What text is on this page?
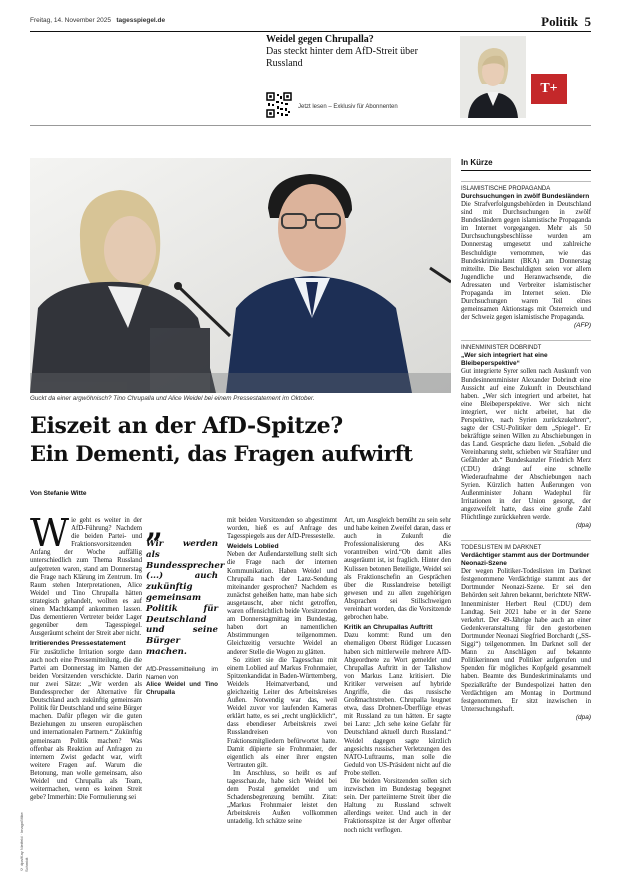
Freitag, 14. November 2025 tagesspiegel.de	Politik 5
Weidel gegen Chrupalla?
Das steckt hinter dem AfD-Streit über Russland
Jetzt lesen – Exklusiv für Abonnenten
T+
Guckt da einer argwöhnisch? Tino Chrupalla und Alice Weidel bei einem Pressestatement im Oktober.
Eiszeit an der AfD-Spitze?
Ein Dementi, das Fragen aufwirft
Von Stefanie Witte

W ie geht es weiter in der AfD-Führung? Nachdem die beiden Partei- und Fraktionsvorsitzenden Anfang der Woche auffällig unterschiedlich zum Thema Russland aufgetreten waren, stand am Donnerstag die Frage nach Klärung im Zentrum. Im Raum stehen Interpretationen, Alice Weidel und Tino Chrupalla hätten strategisch gehandelt, wollten es auf einen Machtkampf ankommen lassen. Das dementieren Vertreter beider Lager gegenüber dem Tagesspiegel. Ausgeräumt scheint der Streit aber nicht.

Irritierendes Pressestatement

Für zusätzliche Irritation sorgte dann auch noch eine Pressemitteilung, die die Partei am Donnerstag im Namen der beiden Vorsitzenden verschickte. Darin nur zwei Sätze: „Wir werden als Bundessprecher der Alternative für Deutschland auch zukünftig gemeinsam Politik für Deutschland und seine Bürger machen. Dafür pflegen wir die guten Beziehungen zu unseren europäischen und internationalen Partnern.“ Zukünftig gemeinsam Politik machen? Was offenbar als Reaktion auf Anfragen zu internem Zwist gedacht war, wirft weitere Fragen auf. Warum die Betonung, man wolle gemeinsam, also Weidel und Chrupalla als Team, weitermachen, wenn es keinen Streit gebe? Immerhin: Die Formulierung sei

„
Wir werden als Bundessprecher (...) auch zukünftig gemeinsam Politik für Deutschland und seine Bürger machen.
AfD-Pressemitteilung im Namen von
Alice Weidel und Tino Chrupalla

mit beiden Vorsitzenden so abgestimmt worden, hieß es auf Anfrage des Tagesspiegels aus der AfD-Pressestelle.

Weidels Loblied

Neben der Außendarstellung stellt sich die Frage nach der internen Kommunikation. Haben Weidel und Chrupalla nach der Lanz-Sendung miteinander gesprochen? Nachdem es zunächst geheißen hatte, man habe sich ausgetauscht, aber nicht getroffen, waren offensichtlich beide Vorsitzenden am Donnerstagmittag im Bundestag, haben dort an namentlichen Abstimmungen teilgenommen. Gleichzeitig versuchte Weidel an anderer Stelle die Wogen zu glätten.

So zitiert sie die Tagesschau mit einem Loblied auf Markus Frohnmaier, Spitzenkandidat in Baden-Württemberg, Weidels Heimatverband, und gleichzeitig Leiter des Arbeitskreises Außen. Notwendig war das, weil Weidel zuvor vor laufenden Kameras erklärt hatte, es sei „recht unglücklich“, dass ebendieser Arbeitskreis zwei Russlandreisen von Fraktionsmitgliedern befürwortet hatte. Damit düpierte sie Frohnmaier, der eigentlich als einer ihrer engsten Vertrauten gilt.

Im Anschluss, so heißt es auf tagesschau.de, habe sich Weidel bei dem Postal gemeldet und um Schadensbegrenzung bemüht. Zitat: „Markus Frohnmaier leistet den Arbeitskreis Außen vollkommen untadelig. Ich schätze seine

Art, um Ausgleich bemüht zu sein sehr und habe keinen Zweifel daran, dass er auch in Zukunft die Professionalisierung des AKs vorantreiben wird.“Ob damit alles ausgeräumt ist, ist fraglich. Hinter den Kulissen betonen Beteiligte, Weidel sei als Fraktionschefin an Gesprächen über die Russlandreise beteiligt gewesen und zu allen zugehörigen Absprachen sei Stillschweigen vereinbart worden, das die Vorsitzende gebrochen habe.

Kritik an Chrupallas Auftritt

Dazu kommt: Rund um den ehemaligen Oberst Rüdiger Lucassen haben sich mittlerweile mehrere AfD-Abgeordnete zu Wort gemeldet und Chrupallas Auftritt in der Talkshow von Markus Lanz kritisiert. Die Kritiker verweisen auf hybride Angriffe, die das russische Großmachtstreben. Chrupalla leugnet etwa, dass Drohnen-Überflüge etwas mit Russland zu tun hätten. Er sagte bei Lanz: „Ich sehe keine Gefahr für Deutschland aktuell durch Russland.“ Weidel dagegen sagte kürzlich angesichts russischer Verletzungen des NATO-Luftraums, man solle die Geduld von US-Präsident nicht auf die Probe stellen.

Die beiden Vorsitzenden sollen sich inzwischen im Bundestag begegnet sein. Der parteiinterne Streit über die Haltung zu Russland schwelt allerdings weiter. Und auch in der Fraktionsspitze ist der Ärger offenbar noch nicht verflogen.

© dpa/Kay Nietfeld · Imago/Mike Schmidt
In Kürze
ISLAMISTISCHE PROPAGANDA
Durchsuchungen in zwölf Bundesländern
Die Strafverfolgungsbehörden in Deutschland sind mit Durchsuchungen in zwölf Bundesländern gegen islamistische Propaganda im Internet vorgegangen. Mehr als 50 Durchsuchungsbeschlüsse wurden am Donnerstag umgesetzt und zahlreiche Beschuldigte vernommen, wie das Bundeskriminalamt (BKA) am Donnerstag mitteilte. Die Beschuldigten seien vor allem Jugendliche und Heranwachsende, die Adressaten und Verbreiter islamistischer Propaganda im Internet seien. Die Durchsuchungen waren Teil eines gemeinsamen Aktionstags mit Österreich und der Schweiz gegen islamistische Propaganda.
(AFP)
INNENMINISTER DOBRINDT
„Wer sich integriert hat eine Bleibeperspektive“
Gut integrierte Syrer sollen nach Auskunft von Bundesinnenminister Alexander Dobrindt eine Aussicht auf eine Zukunft in Deutschland haben. „Wer sich integriert und arbeitet, hat eine Bleibeperspektive. Wer sich nicht integriert, wer nicht arbeitet, hat die Perspektive, nach Syrien zurückzukehren“, sagte der CSU-Politiker dem „Spiegel“. Er bekräftigte seinen Willen zu Abschiebungen in das Land. Gespräche dazu liefen. „Sobald die Vereinbarung steht, schieben wir Straftäter und Gefährder ab.“ Bundeskanzler Friedrich Merz (CDU) drängt auf eine schnelle Wiederaufnahme der Abschiebungen nach Syrien. Kürzlich hatten Äußerungen von Außenminister Johann Wadephul für Irritationen in der Union gesorgt, der angezweifelt hatte, dass eine große Zahl Flüchtlinge zurückkehren werde.
(dpa)
TODESLISTEN IM DARKNET
Verdächtiger stammt aus der Dortmunder Neonazi-Szene
Der wegen Politiker-Todeslisten im Darknet festgenommene Verdächtige stammt aus der Dortmunder Neonazi-Szene. Er sei den Behörden seit Jahren bekannt, berichtete NRW-Innenminister Herbert Reul (CDU) dem Landtag. Seit 2021 habe er in der Szene verkehrt. Der 49-Jährige habe auch an einer Gedenkveranstaltung für den gestorbenen Dortmunder Neonazi Siegfried Borchardt („SS-Siggi“) teilgenommen. Im Darknet soll der Mann zu Anschlägen auf bekannte Politikerinnen und Politiker aufgerufen und Spenden für mögliches Kopfgeld gesammelt haben. Beamte des Bundeskriminalamts und Spezialkräfte der Bundespolizei hatten den Verdächtigen am Montag in Dortmund festgenommen. Er sitzt inzwischen in Untersuchungshaft.
(dpa)
